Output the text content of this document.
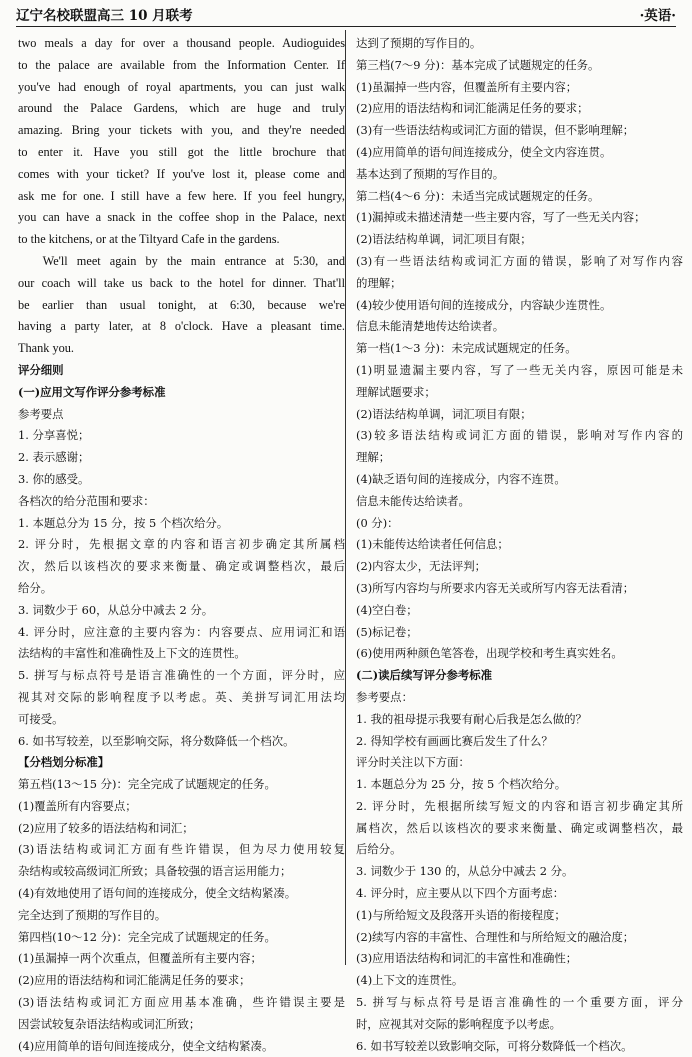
辽宁名校联盟高三 10 月联考	·英语·
two meals a day for over a thousand people. Audioguides
to the palace are available from the Information Center. If
you've had enough of royal apartments, you can just walk
around the Palace Gardens, which are huge and truly
amazing. Bring your tickets with you, and they're needed
to enter it. Have you still got the little brochure that
comes with your ticket? If you've lost it, please come and
ask me for one. I still have a few here. If you feel hungry,
you can have a snack in the coffee shop in the Palace, next
to the kitchens, or at the Tiltyard Cafe in the gardens.
We'll meet again by the main entrance at 5:30, and
our coach will take us back to the hotel for dinner. That'll
be earlier than usual tonight, at 6:30, because we're
having a party later, at 8 o'clock. Have a pleasant time.
Thank you.
评分细则
(一)应用文写作评分参考标准
参考要点
1. 分享喜悦；
2. 表示感谢；
3. 你的感受。
各档次的给分范围和要求：
1. 本题总分为 15 分，按 5 个档次给分。
2. 评分时，先根据文章的内容和语言初步确定其所属档
次，然后以该档次的要求来衡量、确定或调整档次，最后
给分。
3. 词数少于 60，从总分中减去 2 分。
4. 评分时，应注意的主要内容为：内容要点、应用词汇和语
法结构的丰富性和准确性及上下文的连贯性。
5. 拼写与标点符号是语言准确性的一个方面，评分时，应
视其对交际的影响程度予以考虑。英、美拼写词汇用法均
可接受。
6. 如书写较差，以至影响交际，将分数降低一个档次。
【分档划分标准】
第五档(13～15 分)：完全完成了试题规定的任务。
(1)覆盖所有内容要点；
(2)应用了较多的语法结构和词汇；
(3)语法结构或词汇方面有些许错误，但为尽力使用较复
杂结构或较高级词汇所致；具备较强的语言运用能力；
(4)有效地使用了语句间的连接成分，使全文结构紧凑。
完全达到了预期的写作目的。
第四档(10～12 分)：完全完成了试题规定的任务。
(1)虽漏掉一两个次重点，但覆盖所有主要内容；
(2)应用的语法结构和词汇能满足任务的要求；
(3)语法结构或词汇方面应用基本准确，些许错误主要是
因尝试较复杂语法结构或词汇所致；
(4)应用简单的语句间连接成分，使全文结构紧凑。
达到了预期的写作目的。
第三档(7～9 分)：基本完成了试题规定的任务。
(1)虽漏掉一些内容，但覆盖所有主要内容；
(2)应用的语法结构和词汇能满足任务的要求；
(3)有一些语法结构或词汇方面的错误，但不影响理解；
(4)应用简单的语句间连接成分，使全文内容连贯。
基本达到了预期的写作目的。
第二档(4～6 分)：未适当完成试题规定的任务。
(1)漏掉或未描述清楚一些主要内容，写了一些无关内容；
(2)语法结构单调，词汇项目有限；
(3)有一些语法结构或词汇方面的错误，影响了对写作内容
的理解；
(4)较少使用语句间的连接成分，内容缺少连贯性。
信息未能清楚地传达给读者。
第一档(1～3 分)：未完成试题规定的任务。
(1)明显遗漏主要内容，写了一些无关内容，原因可能是未
理解试题要求；
(2)语法结构单调，词汇项目有限；
(3)较多语法结构或词汇方面的错误，影响对写作内容的
理解；
(4)缺乏语句间的连接成分，内容不连贯。
信息未能传达给读者。
(0 分)：
(1)未能传达给读者任何信息；
(2)内容太少，无法评判；
(3)所写内容均与所要求内容无关或所写内容无法看清；
(4)空白卷；
(5)标记卷；
(6)使用两种颜色笔答卷，出现学校和考生真实姓名。
(二)读后续写评分参考标准
参考要点：
1. 我的祖母提示我要有耐心后我是怎么做的？
2. 得知学校有画画比赛后发生了什么？
评分时关注以下方面：
1. 本题总分为 25 分，按 5 个档次给分。
2. 评分时，先根据所续写短文的内容和语言初步确定其所
属档次，然后以该档次的要求来衡量、确定或调整档次，最
后给分。
3. 词数少于 130 的，从总分中减去 2 分。
4. 评分时，应主要从以下四个方面考虑：
(1)与所给短文及段落开头语的衔接程度；
(2)续写内容的丰富性、合理性和与所给短文的融洽度；
(3)应用语法结构和词汇的丰富性和准确性；
(4)上下文的连贯性。
5. 拼写与标点符号是语言准确性的一个重要方面，评分
时，应视其对交际的影响程度予以考虑。
6. 如书写较差以致影响交际，可将分数降低一个档次。
